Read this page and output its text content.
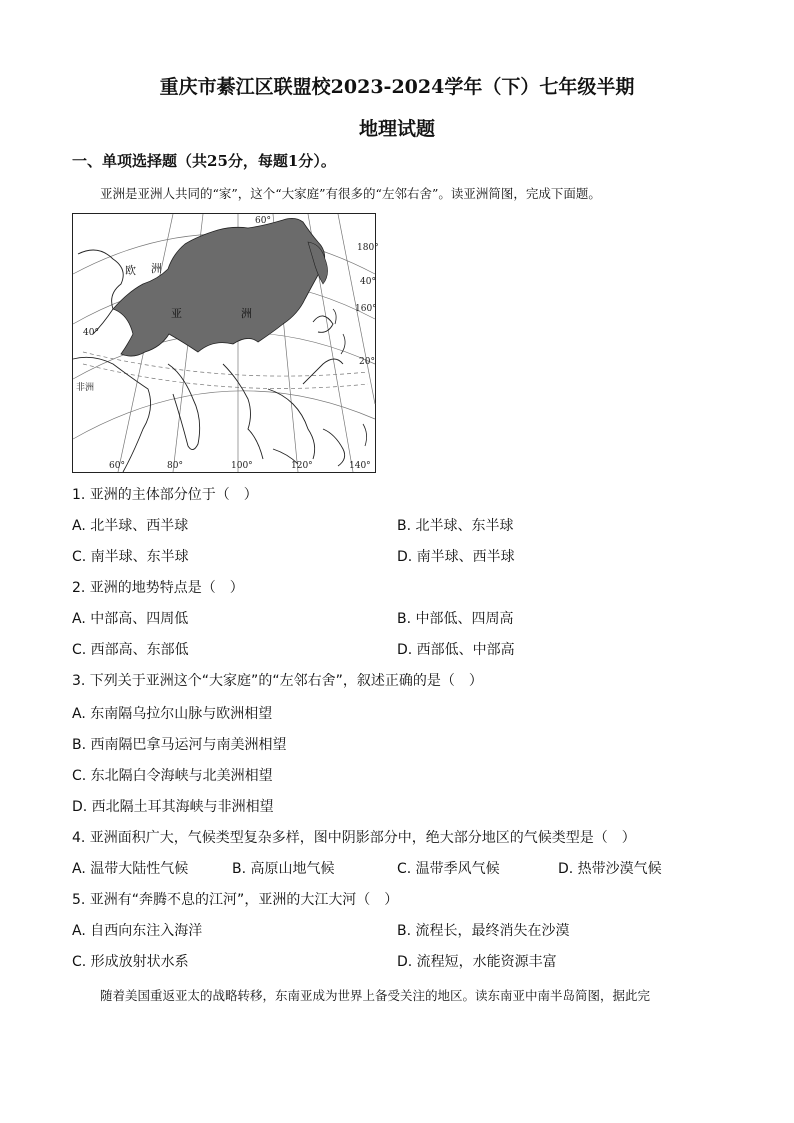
重庆市綦江区联盟校2023-2024学年（下）七年级半期
地理试题
一、单项选择题（共25分，每题1分）。
亚洲是亚洲人共同的“家”，这个“大家庭”有很多的“左邻右舍”。读亚洲简图，完成下面题。
欧 洲
亚	洲
非洲
60°
180°
40°
160°
20°
40°
60°	80°	100°	120°	140°
1. 亚洲的主体部分位于（　）
A. 北半球、西半球	B. 北半球、东半球
C. 南半球、东半球	D. 南半球、西半球
2. 亚洲的地势特点是（　）
A. 中部高、四周低	B. 中部低、四周高
C. 西部高、东部低	D. 西部低、中部高
3. 下列关于亚洲这个“大家庭”的“左邻右舍”，叙述正确的是（　）
A. 东南隔乌拉尔山脉与欧洲相望
B. 西南隔巴拿马运河与南美洲相望
C. 东北隔白令海峡与北美洲相望
D. 西北隔土耳其海峡与非洲相望
4. 亚洲面积广大，气候类型复杂多样，图中阴影部分中，绝大部分地区的气候类型是（　）
A. 温带大陆性气候	B. 高原山地气候	C. 温带季风气候	D. 热带沙漠气候
5. 亚洲有“奔腾不息的江河”，亚洲的大江大河（　）
A. 自西向东注入海洋	B. 流程长，最终消失在沙漠
C. 形成放射状水系	D. 流程短，水能资源丰富
随着美国重返亚太的战略转移，东南亚成为世界上备受关注的地区。读东南亚中南半岛简图，据此完
